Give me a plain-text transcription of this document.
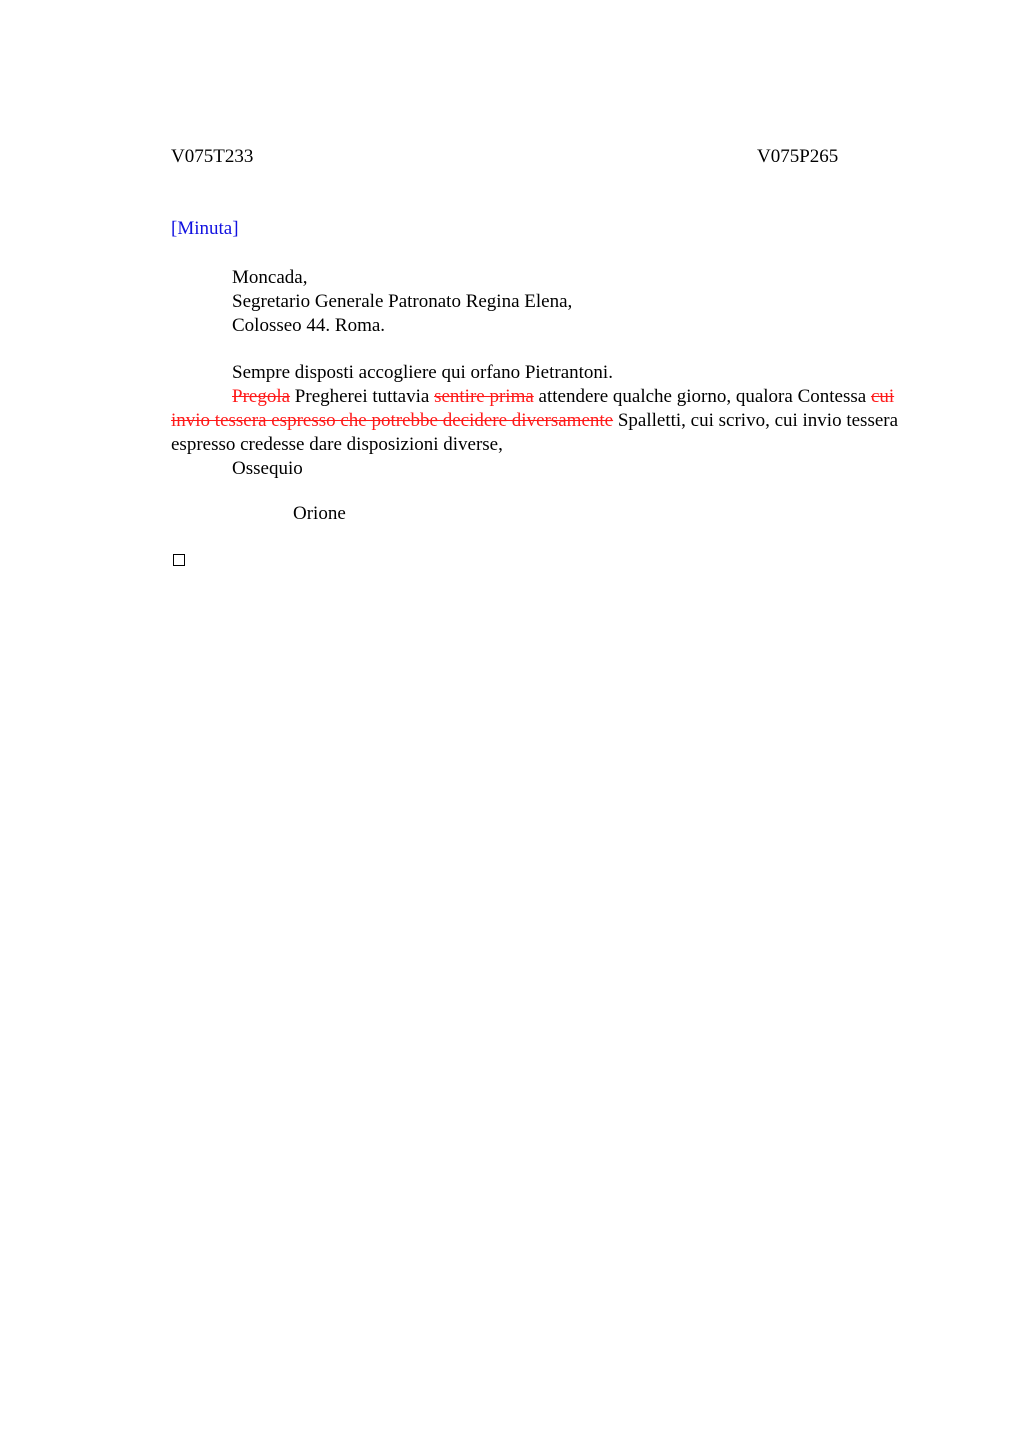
V075T233	V075P265
[Minuta]
Moncada,
Segretario Generale Patronato Regina Elena,
Colosseo 44. Roma.

Sempre disposti accogliere qui orfano Pietrantoni.

Pregola Pregherei tuttavia sentire prima attendere qualche giorno, qualora Contessa cui invio tessera espresso che potrebbe decidere diversamente Spalletti, cui scrivo, cui invio tessera espresso credesse dare disposizioni diverse,

Ossequio

Orione
